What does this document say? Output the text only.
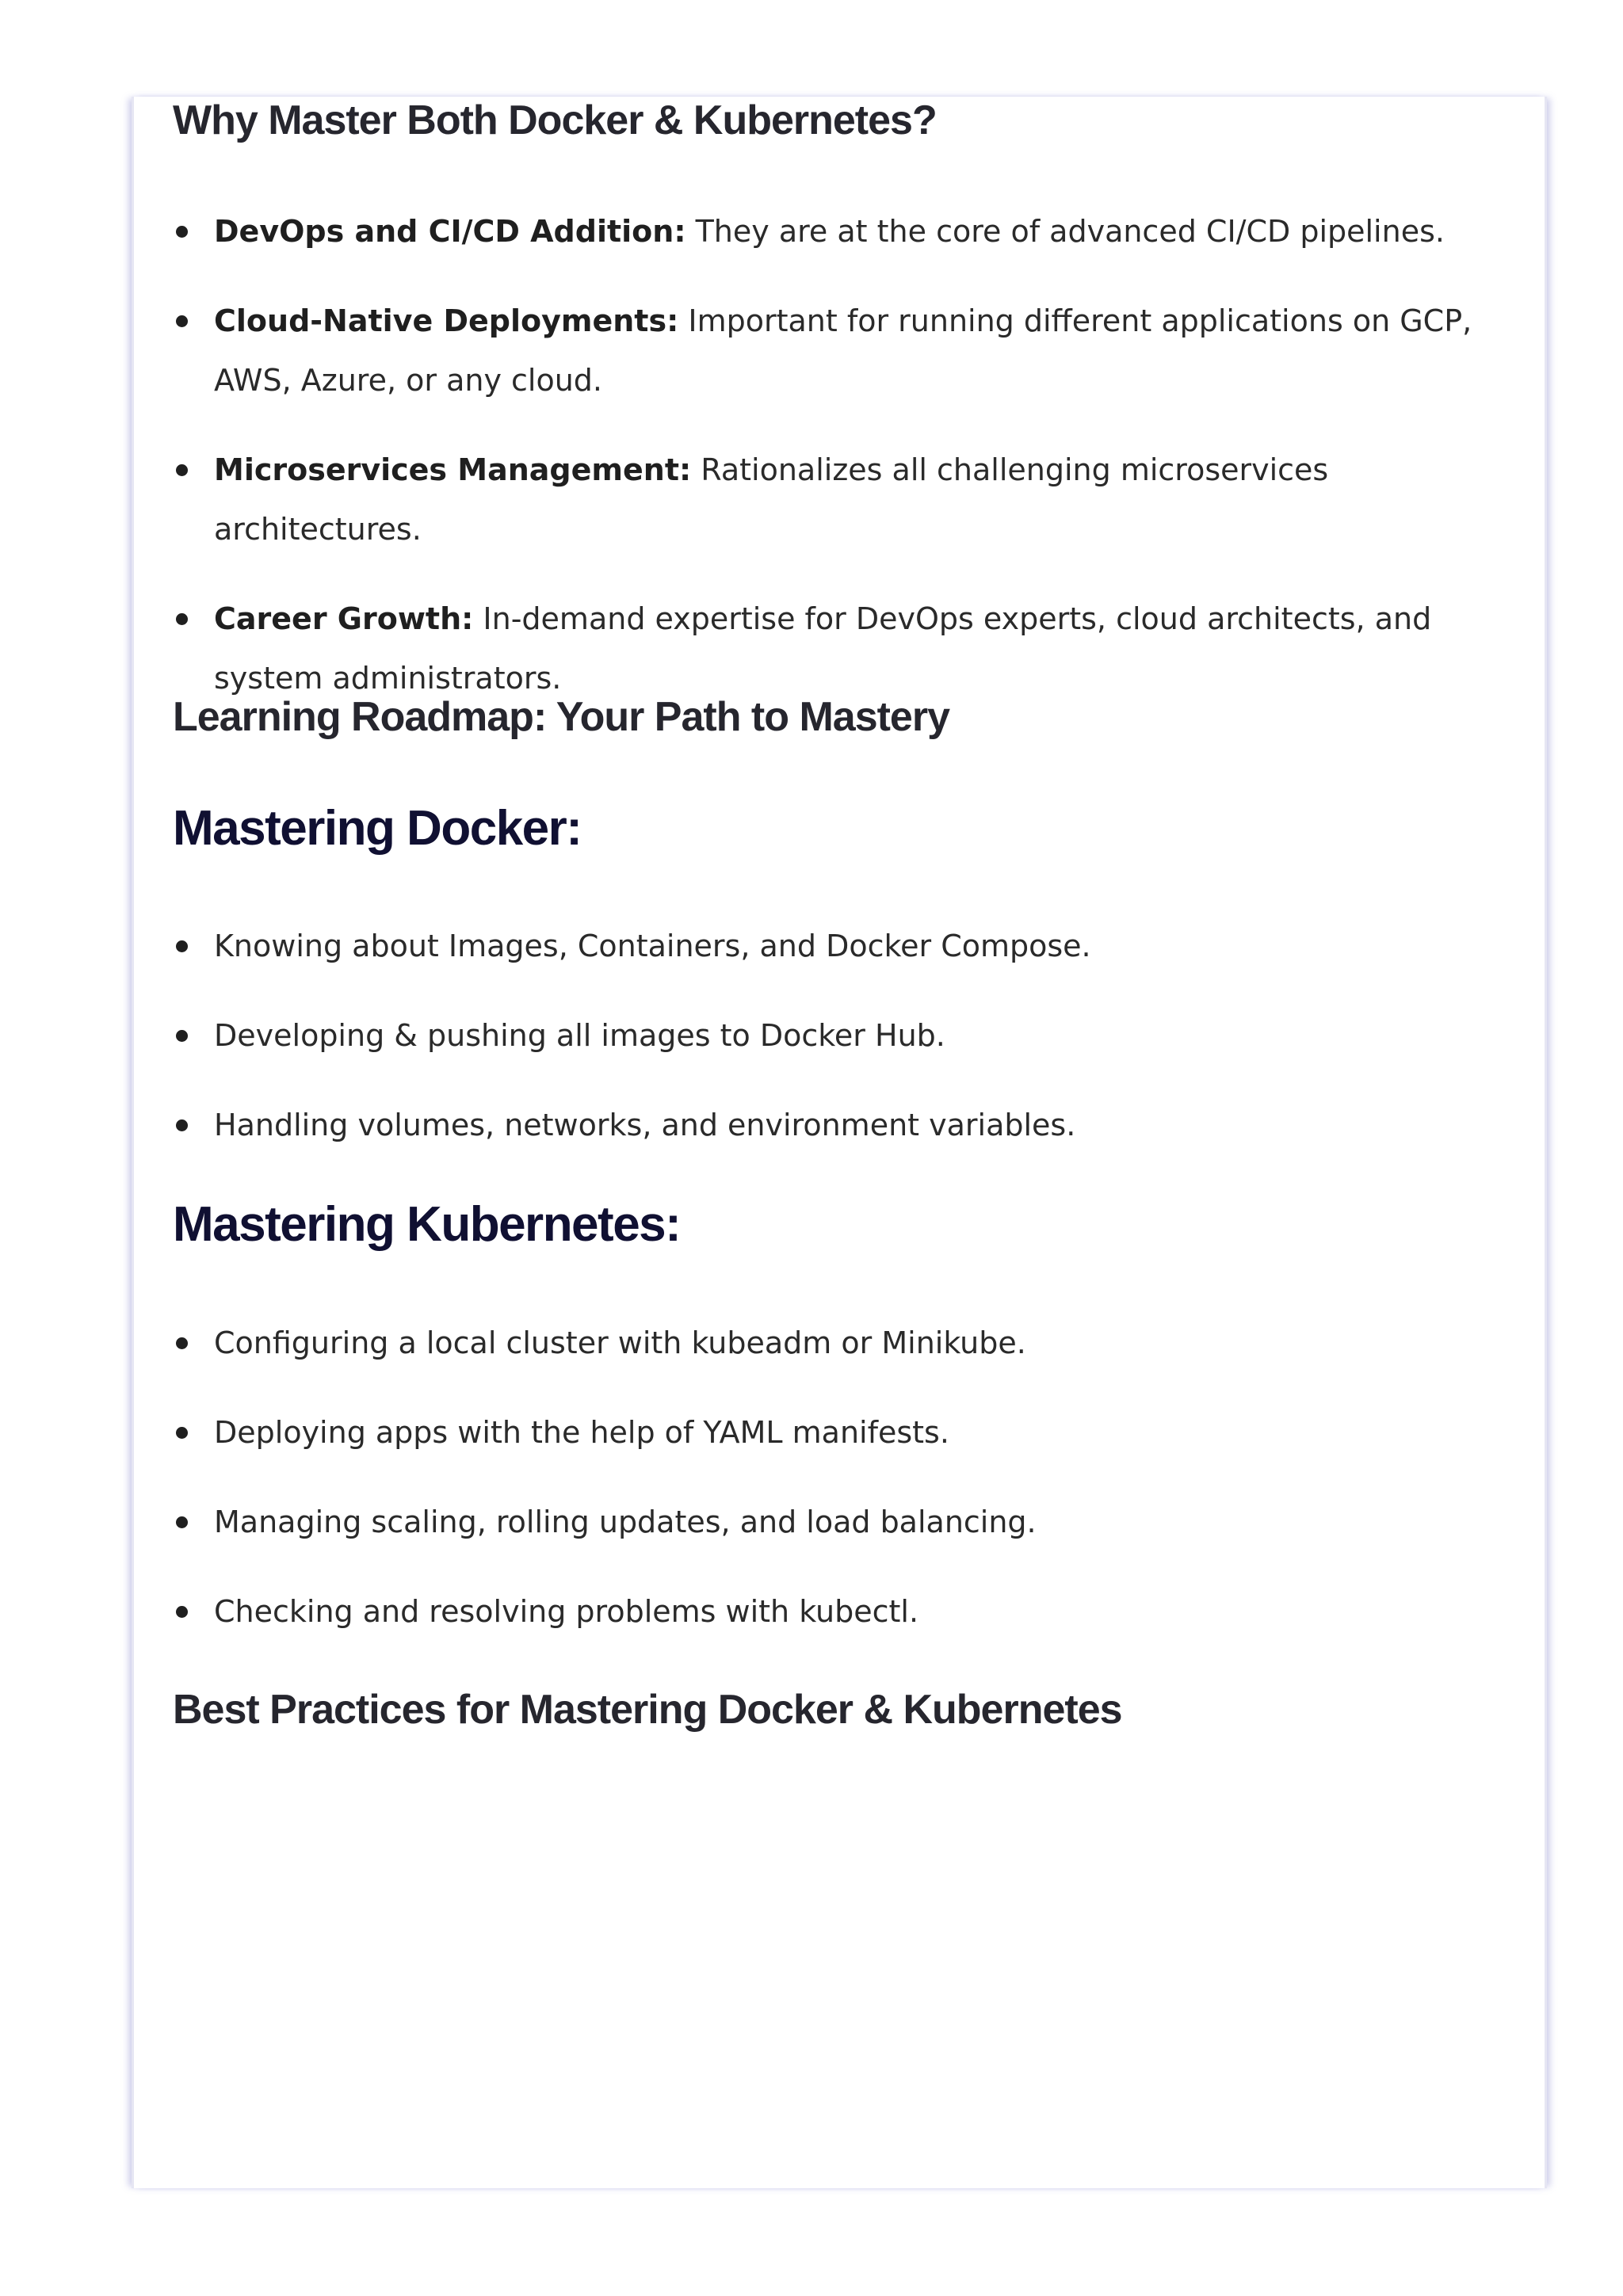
Why Master Both Docker & Kubernetes?
DevOps and CI/CD Addition: They are at the core of advanced CI/CD pipelines.
Cloud-Native Deployments: Important for running different applications on GCP, AWS, Azure, or any cloud.
Microservices Management: Rationalizes all challenging microservices architectures.
Career Growth: In-demand expertise for DevOps experts, cloud architects, and system administrators.
Learning Roadmap: Your Path to Mastery
Mastering Docker:
Knowing about Images, Containers, and Docker Compose.
Developing & pushing all images to Docker Hub.
Handling volumes, networks, and environment variables.
Mastering Kubernetes:
Configuring a local cluster with kubeadm or Minikube.
Deploying apps with the help of YAML manifests.
Managing scaling, rolling updates, and load balancing.
Checking and resolving problems with kubectl.
Best Practices for Mastering Docker & Kubernetes
